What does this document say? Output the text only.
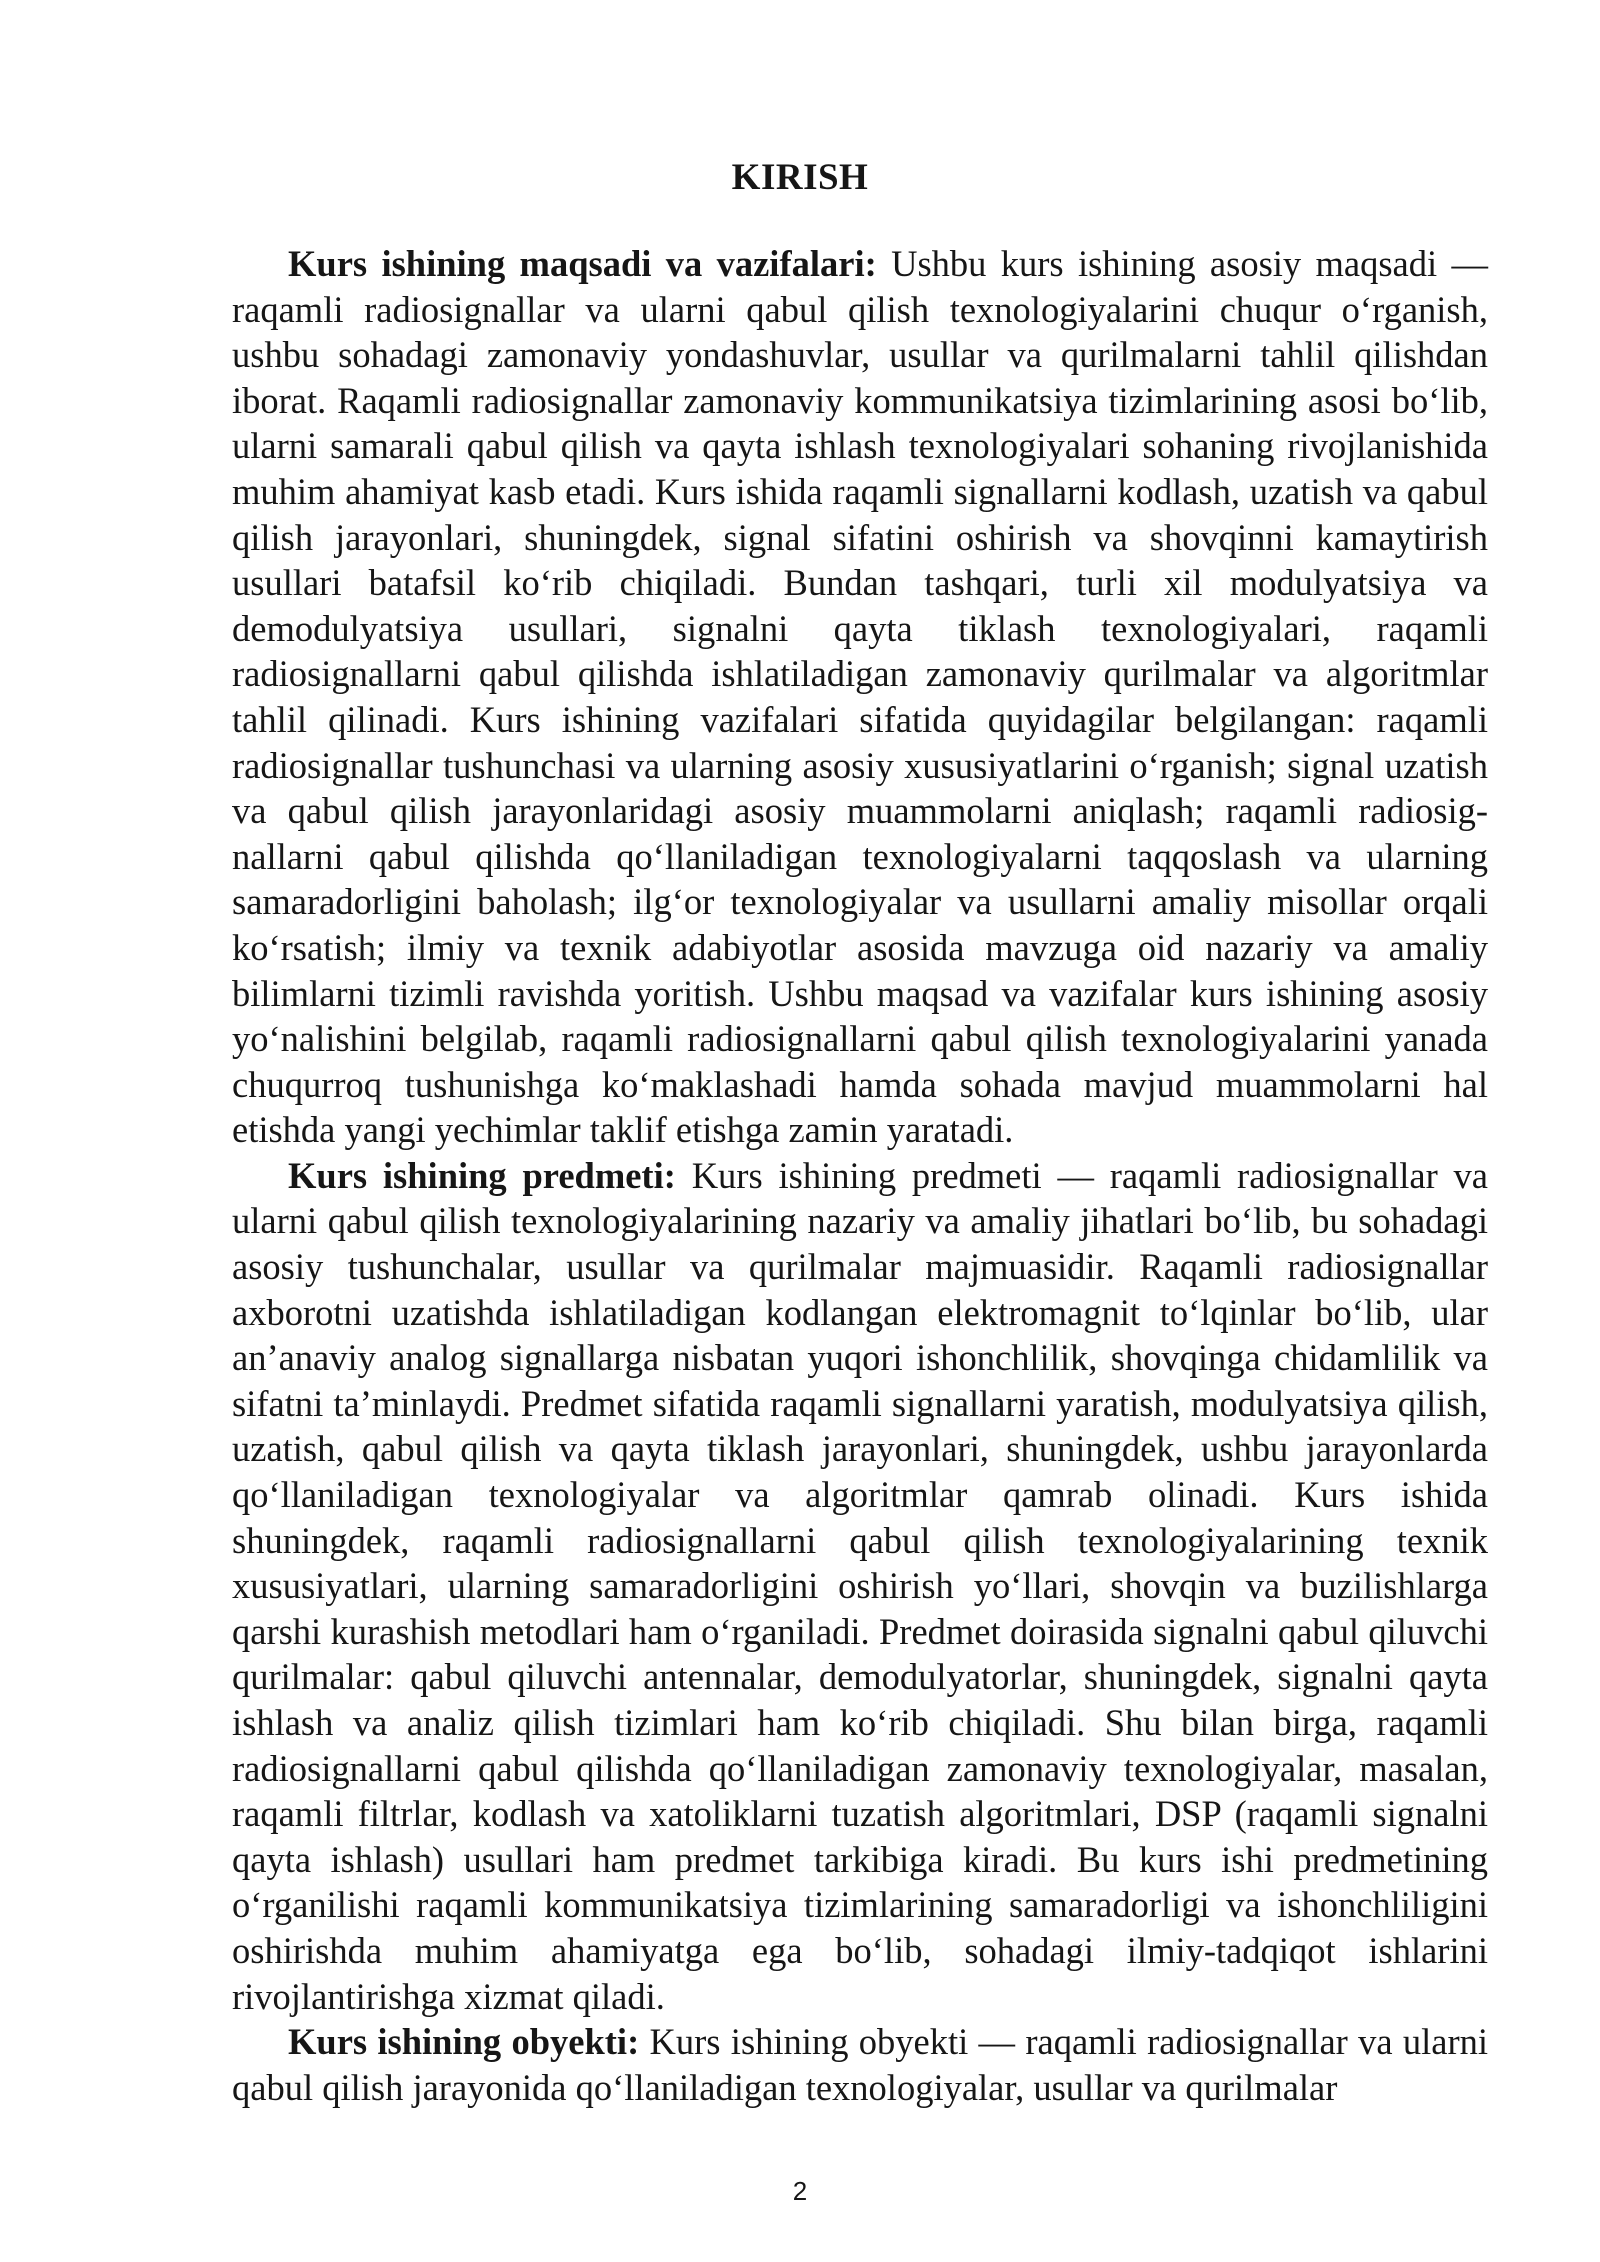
KIRISH

Kurs ishining maqsadi va vazifalari: Ushbu kurs ishining asosiy maqsadi — raqamli radiosignallar va ularni qabul qilish texnologiyalarini chuqur o‘rganish, ushbu sohadagi zamonaviy yondashuvlar, usullar va qurilmalarni tahlil qilishdan iborat. Raqamli radiosignallar zamonaviy kommunikatsiya tizimlarining asosi bo‘lib, ularni samarali qabul qilish va qayta ishlash texnologiyalari sohaning rivojlanishida muhim ahamiyat kasb etadi. Kurs ishida raqamli signallarni kodlash, uzatish va qabul qilish jarayonlari, shuningdek, signal sifatini oshirish va shovqinni kamaytirish usullari batafsil ko‘rib chiqiladi. Bundan tashqari, turli xil modulyatsiya va demodulyatsiya usullari, signalni qayta tiklash texnologiyalari, raqamli radiosignallarni qabul qilishda ishlatiladigan zamonaviy qurilmalar va algoritmlar tahlil qilinadi. Kurs ishining vazifalari sifatida quyidagilar belgilangan: raqamli radiosignallar tushunchasi va ularning asosiy xususiyatlarini o‘rganish; signal uzatish va qabul qilish jarayonlaridagi asosiy muammolarni aniqlash; raqamli radiosignallarni qabul qilishda qo‘llaniladigan texnologiyalarni taqqoslash va ularning samaradorligini baholash; ilg‘or texnologiyalar va usullarni amaliy misollar orqali ko‘rsatish; ilmiy va texnik adabiyotlar asosida mavzuga oid nazariy va amaliy bilimlarni tizimli ravishda yoritish. Ushbu maqsad va vazifalar kurs ishining asosiy yo‘nalishini belgilab, raqamli radiosignallarni qabul qilish texnologiyalarini yanada chuqurroq tushunishga ko‘maklashadi hamda sohada mavjud muammolarni hal etishda yangi yechimlar taklif etishga zamin yaratadi.

Kurs ishining predmeti: Kurs ishining predmeti — raqamli radiosignallar va ularni qabul qilish texnologiyalarining nazariy va amaliy jihatlari bo‘lib, bu sohadagi asosiy tushunchalar, usullar va qurilmalar majmuasidir. Raqamli radiosignallar axborotni uzatishda ishlatiladigan kodlangan elektromagnit to‘lqinlar bo‘lib, ular an’anaviy analog signallarga nisbatan yuqori ishonchlilik, shovqinga chidamlilik va sifatni ta’minlaydi. Predmet sifatida raqamli signallarni yaratish, modulyatsiya qilish, uzatish, qabul qilish va qayta tiklash jarayonlari, shuningdek, ushbu jarayonlarda qo‘llaniladigan texnologiyalar va algoritmlar qamrab olinadi. Kurs ishida shuningdek, raqamli radiosignallarni qabul qilish texnologiyalarining texnik xususiyatlari, ularning samaradorligini oshirish yo‘llari, shovqin va buzilishlarga qarshi kurashish metodlari ham o‘rganiladi. Predmet doirasida signalni qabul qiluvchi qurilmalar: qabul qiluvchi antennalar, demodulyatorlar, shuningdek, signalni qayta ishlash va analiz qilish tizimlari ham ko‘rib chiqiladi. Shu bilan birga, raqamli radiosignallarni qabul qilishda qo‘llaniladigan zamonaviy texnologiyalar, masalan, raqamli filtrlar, kodlash va xatoliklarni tuzatish algoritmlari, DSP (raqamli signalni qayta ishlash) usullari ham predmet tarkibiga kiradi. Bu kurs ishi predmetining o‘rganilishi raqamli kommunikatsiya tizimlarining samaradorligi va ishonchliligini oshirishda muhim ahamiyatga ega bo‘lib, sohadagi ilmiy-tadqiqot ishlarini rivojlantirishga xizmat qiladi.

Kurs ishining obyekti: Kurs ishining obyekti — raqamli radiosignallar va ularni qabul qilish jarayonida qo‘llaniladigan texnologiyalar, usullar va qurilmalar

2
